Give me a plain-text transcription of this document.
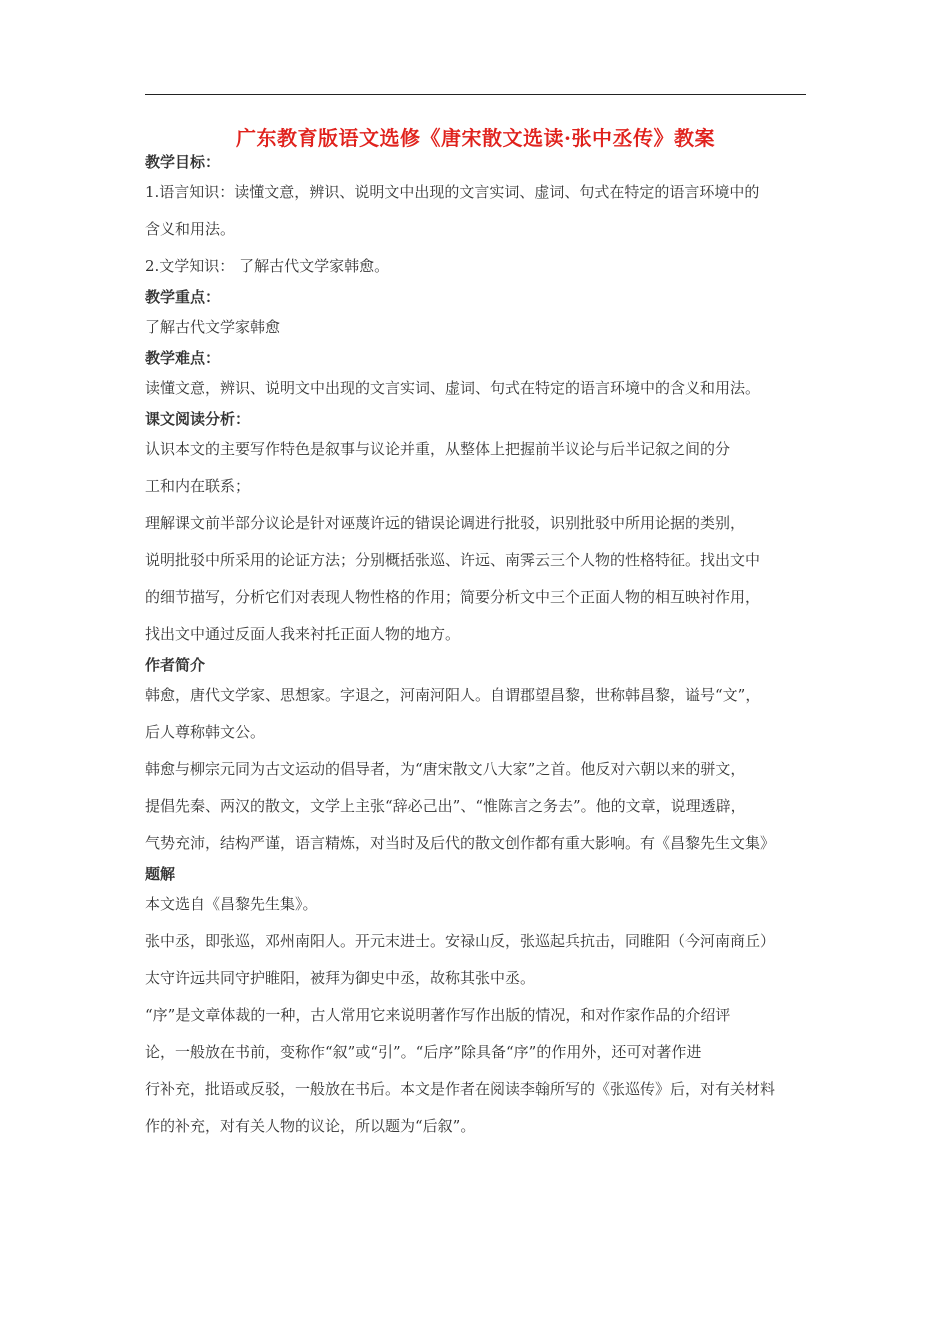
广东教育版语文选修《唐宋散文选读·张中丞传》教案
教学目标：
1.语言知识：读懂文意，辨识、说明文中出现的文言实词、虚词、句式在特定的语言环境中的
含义和用法。
2.文学知识： 了解古代文学家韩愈。
教学重点：
了解古代文学家韩愈
教学难点：
读懂文意，辨识、说明文中出现的文言实词、虚词、句式在特定的语言环境中的含义和用法。
课文阅读分析：
认识本文的主要写作特色是叙事与议论并重，从整体上把握前半议论与后半记叙之间的分
工和内在联系；
理解课文前半部分议论是针对诬蔑许远的错误论调进行批驳，识别批驳中所用论据的类别，
说明批驳中所采用的论证方法；分别概括张巡、许远、南霁云三个人物的性格特征。找出文中
的细节描写，分析它们对表现人物性格的作用；简要分析文中三个正面人物的相互映衬作用，
找出文中通过反面人我来衬托正面人物的地方。
作者简介
韩愈，唐代文学家、思想家。字退之，河南河阳人。自谓郡望昌黎，世称韩昌黎，谥号“文”，
后人尊称韩文公。
韩愈与柳宗元同为古文运动的倡导者，为“唐宋散文八大家”之首。他反对六朝以来的骈文，
提倡先秦、两汉的散文，文学上主张“辞必己出”、“惟陈言之务去”。他的文章，说理透辟，
气势充沛，结构严谨，语言精炼，对当时及后代的散文创作都有重大影响。有《昌黎先生文集》
题解
本文选自《昌黎先生集》。
张中丞，即张巡，邓州南阳人。开元末进士。安禄山反，张巡起兵抗击，同睢阳（今河南商丘）
太守许远共同守护睢阳，被拜为御史中丞，故称其张中丞。
“序”是文章体裁的一种，古人常用它来说明著作写作出版的情况，和对作家作品的介绍评
论，一般放在书前，变称作“叙”或“引”。“后序”除具备“序”的作用外，还可对著作进
行补充，批语或反驳，一般放在书后。本文是作者在阅读李翰所写的《张巡传》后，对有关材料
作的补充，对有关人物的议论，所以题为“后叙”。
